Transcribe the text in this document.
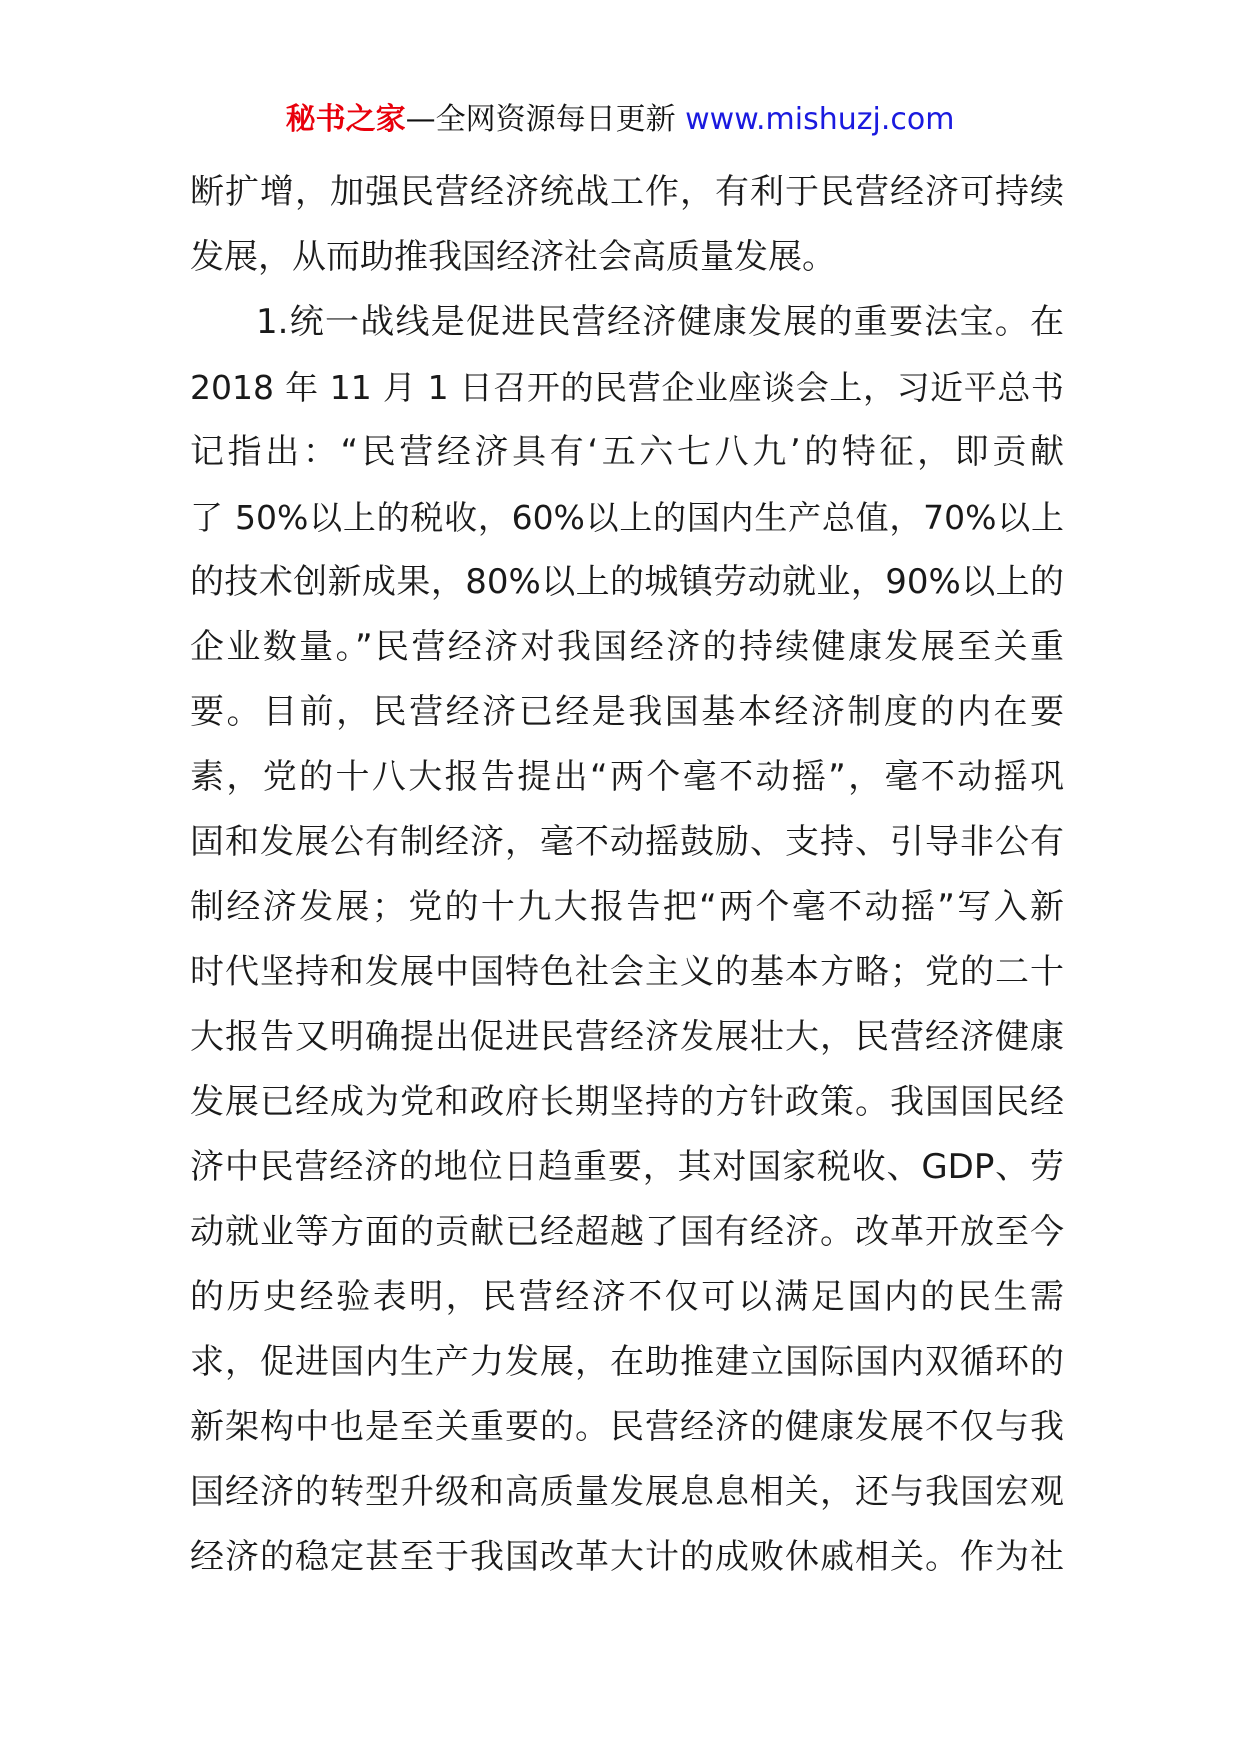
秘书之家—全网资源每日更新 www.mishuzj.com
断扩增，加强民营经济统战工作，有利于民营经济可持续
发展，从而助推我国经济社会高质量发展。
1.统一战线是促进民营经济健康发展的重要法宝。在
2018 年 11 月 1 日召开的民营企业座谈会上，习近平总书
记指出：“民营经济具有‘五六七八九’的特征，即贡献
了 50%以上的税收，60%以上的国内生产总值，70%以上
的技术创新成果，80%以上的城镇劳动就业，90%以上的
企业数量。”民营经济对我国经济的持续健康发展至关重
要。目前，民营经济已经是我国基本经济制度的内在要
素，党的十八大报告提出“两个毫不动摇”，毫不动摇巩
固和发展公有制经济，毫不动摇鼓励、支持、引导非公有
制经济发展；党的十九大报告把“两个毫不动摇”写入新
时代坚持和发展中国特色社会主义的基本方略；党的二十
大报告又明确提出促进民营经济发展壮大，民营经济健康
发展已经成为党和政府长期坚持的方针政策。我国国民经
济中民营经济的地位日趋重要，其对国家税收、GDP、劳
动就业等方面的贡献已经超越了国有经济。改革开放至今
的历史经验表明，民营经济不仅可以满足国内的民生需
求，促进国内生产力发展，在助推建立国际国内双循环的
新架构中也是至关重要的。民营经济的健康发展不仅与我
国经济的转型升级和高质量发展息息相关，还与我国宏观
经济的稳定甚至于我国改革大计的成败休戚相关。作为社
